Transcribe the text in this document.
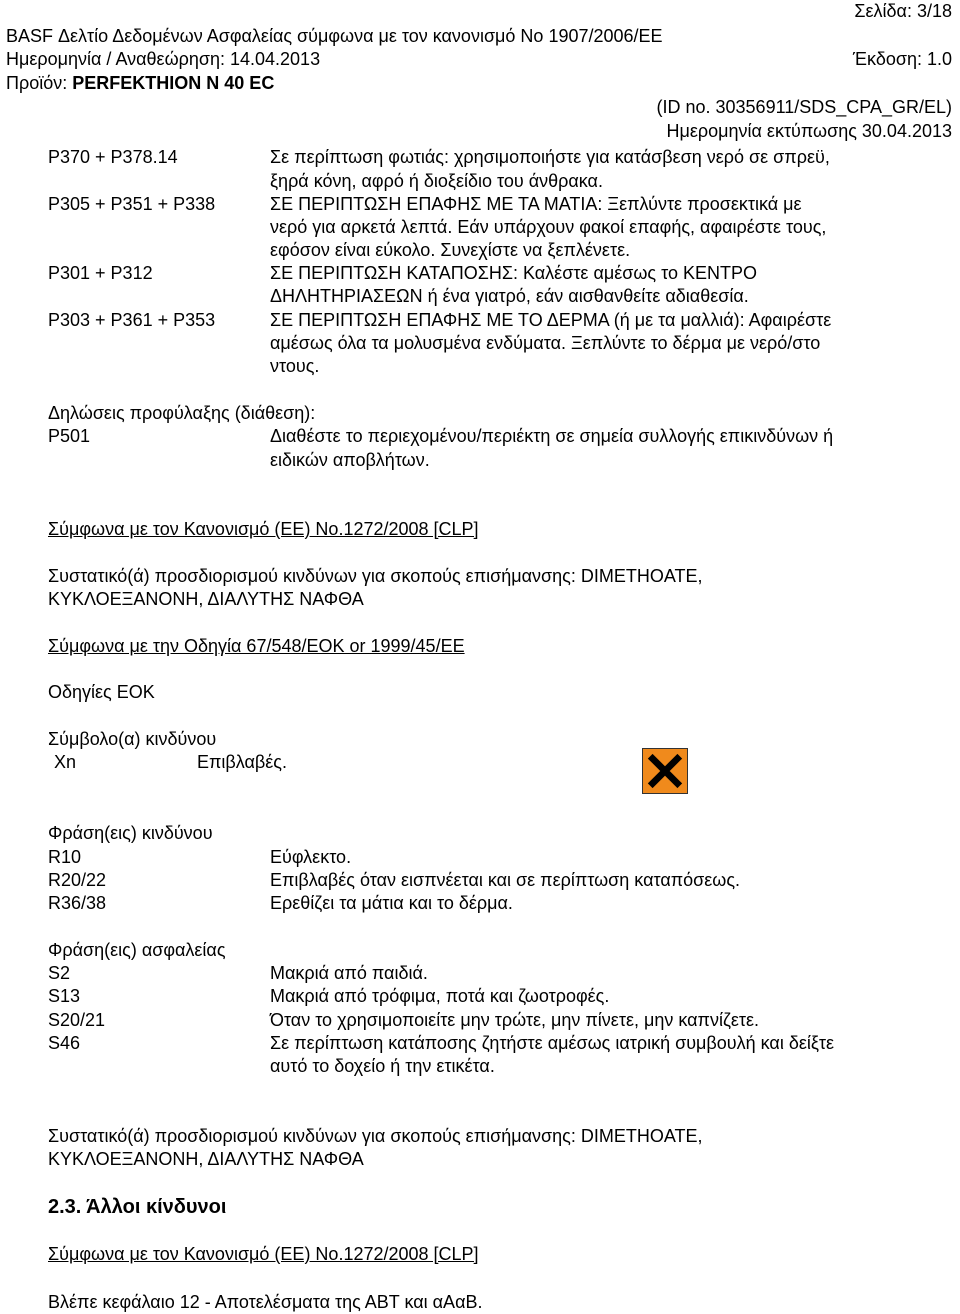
Σελίδα: 3/18
BASF Δελτίο Δεδομένων Ασφαλείας σύμφωνα με τον κανονισμό Νο 1907/2006/ΕΕ
Ημερομηνία / Αναθεώρηση: 14.04.2013	Έκδοση: 1.0
Προϊόν: PERFEKTHION N 40 EC
(ID no. 30356911/SDS_CPA_GR/EL)
Ημερομηνία εκτύπωσης 30.04.2013
P370 + P378.14	Σε περίπτωση φωτιάς: χρησιμοποιήστε για κατάσβεση νερό σε σπρεϋ,
ξηρά κόνη, αφρό ή διοξείδιο του άνθρακα.
P305 + P351 + P338	ΣΕ ΠΕΡΙΠΤΩΣΗ ΕΠΑΦΗΣ ΜΕ ΤΑ ΜΑΤΙΑ: Ξεπλύντε προσεκτικά με
νερό για αρκετά λεπτά. Εάν υπάρχουν φακοί επαφής, αφαιρέστε τους,
εφόσον είναι εύκολο. Συνεχίστε να ξεπλένετε.
P301 + P312	ΣΕ ΠΕΡΙΠΤΩΣΗ ΚΑΤΑΠΟΣΗΣ: Καλέστε αμέσως το ΚΕΝΤΡΟ
ΔΗΛΗΤΗΡΙΑΣΕΩΝ ή ένα γιατρό, εάν αισθανθείτε αδιαθεσία.
P303 + P361 + P353	ΣΕ ΠΕΡΙΠΤΩΣΗ ΕΠΑΦΗΣ ΜΕ ΤΟ ΔΕΡΜΑ (ή με τα μαλλιά): Αφαιρέστε
αμέσως όλα τα μολυσμένα ενδύματα. Ξεπλύντε το δέρμα με νερό/στο
ντους.
Δηλώσεις προφύλαξης (διάθεση):
P501	Διαθέστε το περιεχομένου/περιέκτη σε σημεία συλλογής επικινδύνων ή
ειδικών αποβλήτων.
Σύμφωνα με τον Κανονισμό (ΕΕ) Νο.1272/2008 [CLP]
Συστατικό(ά) προσδιορισμού κινδύνων για σκοπούς επισήμανσης: DIMETHOATE,
ΚΥΚΛΟΕΞΑΝΟΝΗ, ΔΙΑΛΥΤΗΣ ΝΑΦΘΑ
Σύμφωνα με την Οδηγία 67/548/ΕΟΚ or 1999/45/ΕΕ
Οδηγίες ΕΟΚ
Σύμβολο(α) κινδύνου
Xn	Επιβλαβές.
Φράση(εις) κινδύνου
R10	Εύφλεκτο.
R20/22	Επιβλαβές όταν εισπνέεται και σε περίπτωση καταπόσεως.
R36/38	Ερεθίζει τα μάτια και το δέρμα.
Φράση(εις) ασφαλείας
S2	Μακριά από παιδιά.
S13	Μακριά από τρόφιμα, ποτά και ζωοτροφές.
S20/21	Όταν το χρησιμοποιείτε μην τρώτε, μην πίνετε, μην καπνίζετε.
S46	Σε περίπτωση κατάποσης ζητήστε αμέσως ιατρική συμβουλή και δείξτε
αυτό το δοχείο ή την ετικέτα.
Συστατικό(ά) προσδιορισμού κινδύνων για σκοπούς επισήμανσης: DIMETHOATE,
ΚΥΚΛΟΕΞΑΝΟΝΗ, ΔΙΑΛΥΤΗΣ ΝΑΦΘΑ
2.3. Άλλοι κίνδυνοι
Σύμφωνα με τον Κανονισμό (ΕΕ) Νο.1272/2008 [CLP]
Βλέπε κεφάλαιο 12 - Αποτελέσματα της ΑΒΤ και αΑαΒ.
